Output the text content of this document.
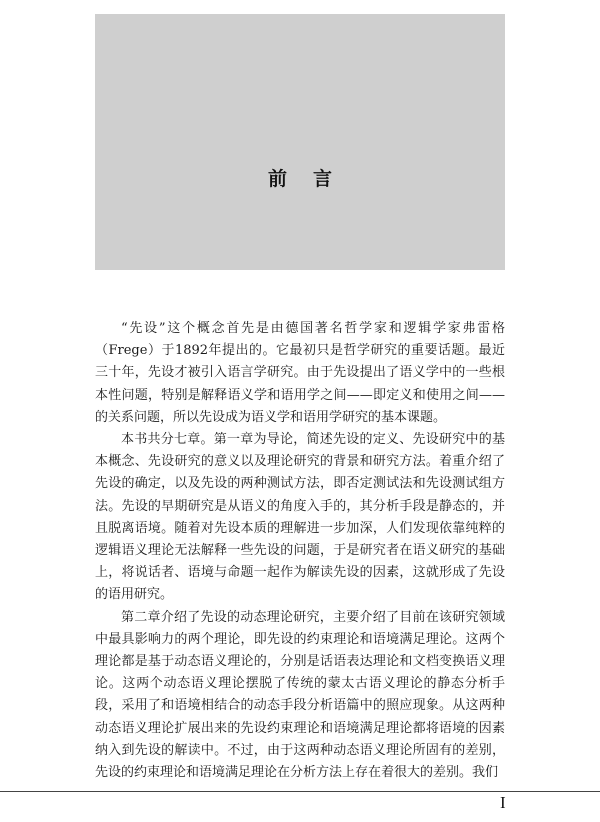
前言

“先设”这个概念首先是由德国著名哲学家和逻辑学家弗雷格（Frege）于1892年提出的。它最初只是哲学研究的重要话题。最近三十年，先设才被引入语言学研究。由于先设提出了语义学中的一些根本性问题，特别是解释语义学和语用学之间——即定义和使用之间——的关系问题，所以先设成为语义学和语用学研究的基本课题。

本书共分七章。第一章为导论，简述先设的定义、先设研究中的基本概念、先设研究的意义以及理论研究的背景和研究方法。着重介绍了先设的确定，以及先设的两种测试方法，即否定测试法和先设测试组方法。先设的早期研究是从语义的角度入手的，其分析手段是静态的，并且脱离语境。随着对先设本质的理解进一步加深，人们发现依靠纯粹的逻辑语义理论无法解释一些先设的问题，于是研究者在语义研究的基础上，将说话者、语境与命题一起作为解读先设的因素，这就形成了先设的语用研究。

第二章介绍了先设的动态理论研究，主要介绍了目前在该研究领域中最具影响力的两个理论，即先设的约束理论和语境满足理论。这两个理论都是基于动态语义理论的，分别是话语表达理论和文档变换语义理论。这两个动态语义理论摆脱了传统的蒙太古语义理论的静态分析手段，采用了和语境相结合的动态手段分析语篇中的照应现象。从这两种动态语义理论扩展出来的先设约束理论和语境满足理论都将语境的因素纳入到先设的解读中。不过，由于这两种动态语义理论所固有的差别，先设的约束理论和语境满足理论在分析方法上存在着很大的差别。我们

I
